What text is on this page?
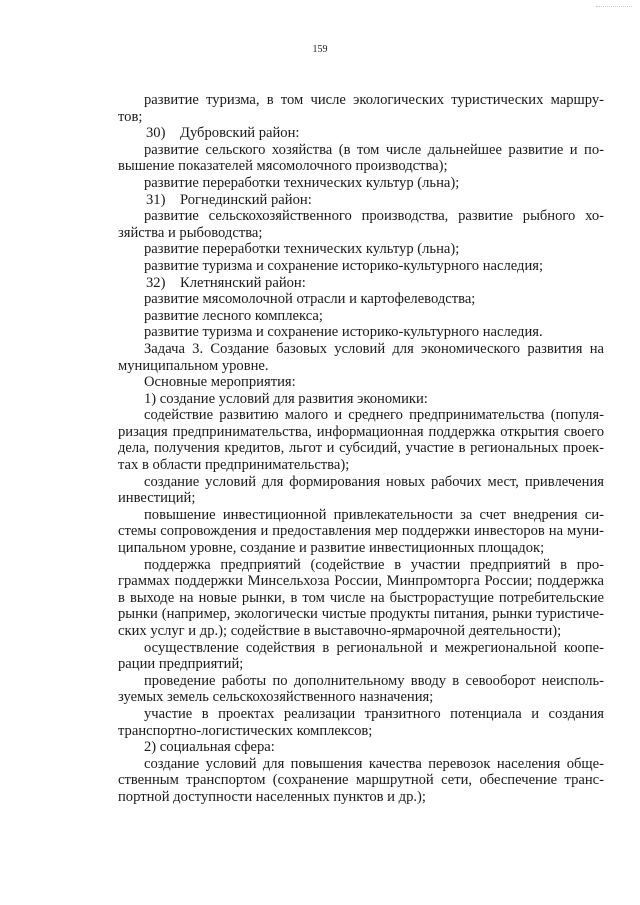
159
развитие туризма, в том числе экологических туристических маршру-
тов;
30) Дубровский район:
развитие сельского хозяйства (в том числе дальнейшее развитие и по-
вышение показателей мясомолочного производства);
развитие переработки технических культур (льна);
31) Рогнединский район:
развитие сельскохозяйственного производства, развитие рыбного хо-
зяйства и рыбоводства;
развитие переработки технических культур (льна);
развитие туризма и сохранение историко-культурного наследия;
32) Клетнянский район:
развитие мясомолочной отрасли и картофелеводства;
развитие лесного комплекса;
развитие туризма и сохранение историко-культурного наследия.
Задача 3. Создание базовых условий для экономического развития на
муниципальном уровне.
Основные мероприятия:
1) создание условий для развития экономики:
содействие развитию малого и среднего предпринимательства (популя-
ризация предпринимательства, информационная поддержка открытия своего
дела, получения кредитов, льгот и субсидий, участие в региональных проек-
тах в области предпринимательства);
создание условий для формирования новых рабочих мест, привлечения
инвестиций;
повышение инвестиционной привлекательности за счет внедрения си-
стемы сопровождения и предоставления мер поддержки инвесторов на муни-
ципальном уровне, создание и развитие инвестиционных площадок;
поддержка предприятий (содействие в участии предприятий в про-
граммах поддержки Минсельхоза России, Минпромторга России; поддержка
в выходе на новые рынки, в том числе на быстрорастущие потребительские
рынки (например, экологически чистые продукты питания, рынки туристиче-
ских услуг и др.); содействие в выставочно-ярмарочной деятельности);
осуществление содействия в региональной и межрегиональной коопе-
рации предприятий;
проведение работы по дополнительному вводу в севооборот неисполь-
зуемых земель сельскохозяйственного назначения;
участие в проектах реализации транзитного потенциала и создания
транспортно-логистических комплексов;
2) социальная сфера:
создание условий для повышения качества перевозок населения обще-
ственным транспортом (сохранение маршрутной сети, обеспечение транс-
портной доступности населенных пунктов и др.);
